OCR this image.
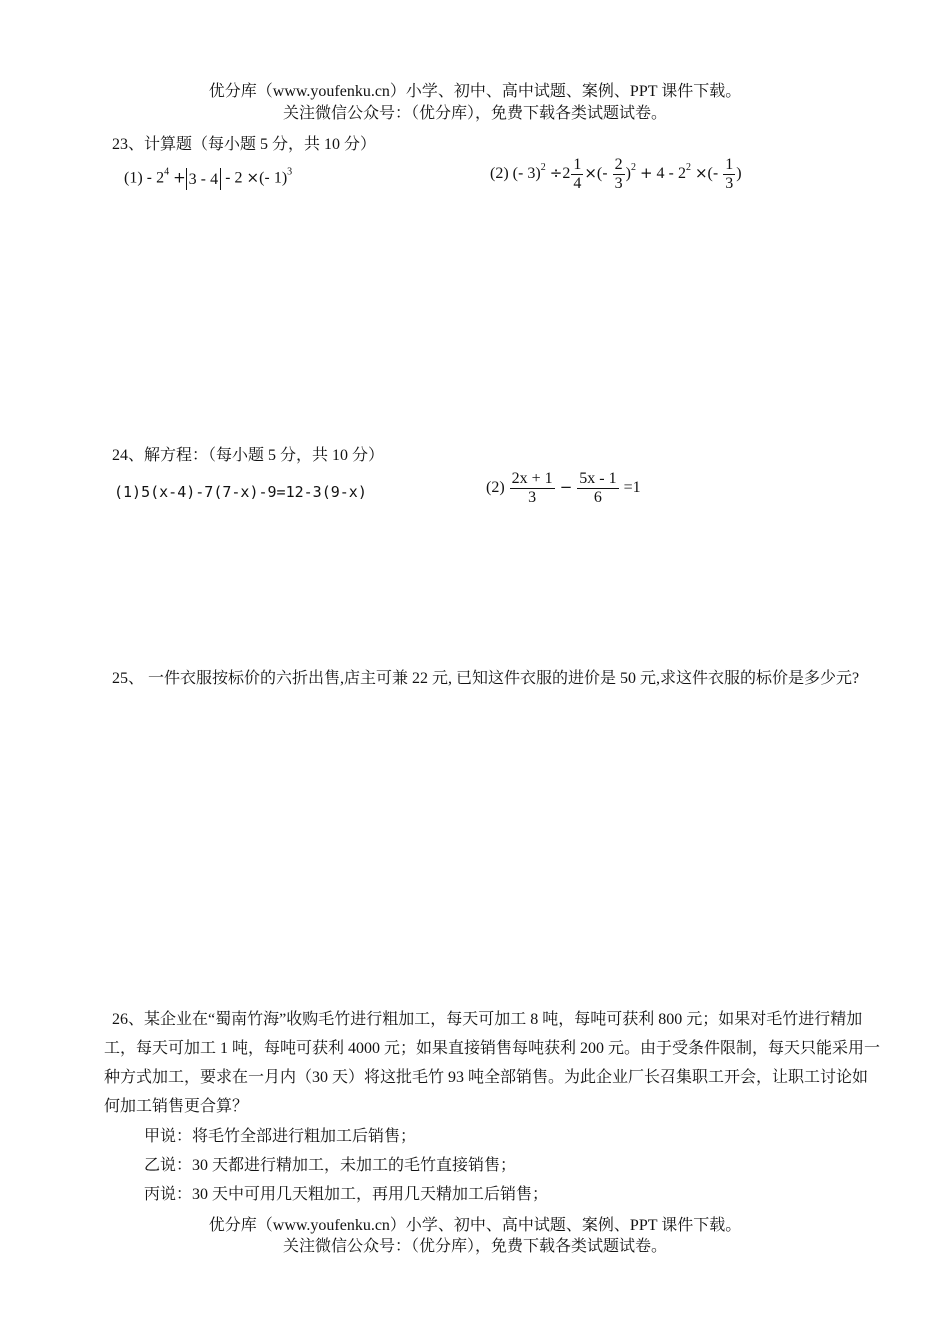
优分库（www.youfenku.cn）小学、初中、高中试题、案例、PPT 课件下载。
关注微信公众号：（优分库），免费下载各类试题试卷。
23、计算题（每小题 5 分，共 10 分）
$(1) - 2^4 + 3 - 4 - 2$ ×(- 1)$^3$	(2) (- $3)^2 \div 2 \frac{1}{4}$ ×(- $\frac{2}{3} )^2 + 4 - 2^2$ ×(- $\frac{1}{3}$ )
24、解方程：（每小题 5 分，共 10 分）
(1)5(x-4)-7(7-x)-9=12-3(9-x)	$(2) \frac{2x + 1}{3} - \frac{5x - 1}{6} =1$
25、 一件衣服按标价的六折出售,店主可兼 22 元, 已知这件衣服的进价是 50 元,求这件衣服的标价是多少元?
26、某企业在“蜀南竹海”收购毛竹进行粗加工，每天可加工 8 吨，每吨可获利 800 元；如果对毛竹进行精加工，每天可加工 1 吨，每吨可获利 4000 元；如果直接销售每吨获利 200 元。由于受条件限制，每天只能采用一种方式加工，要求在一月内（30 天）将这批毛竹 93 吨全部销售。为此企业厂长召集职工开会，让职工讨论如何加工销售更合算？
甲说：将毛竹全部进行粗加工后销售；
乙说：30 天都进行精加工，未加工的毛竹直接销售；
丙说：30 天中可用几天粗加工，再用几天精加工后销售；
优分库（www.youfenku.cn）小学、初中、高中试题、案例、PPT 课件下载。
关注微信公众号：（优分库），免费下载各类试题试卷。
